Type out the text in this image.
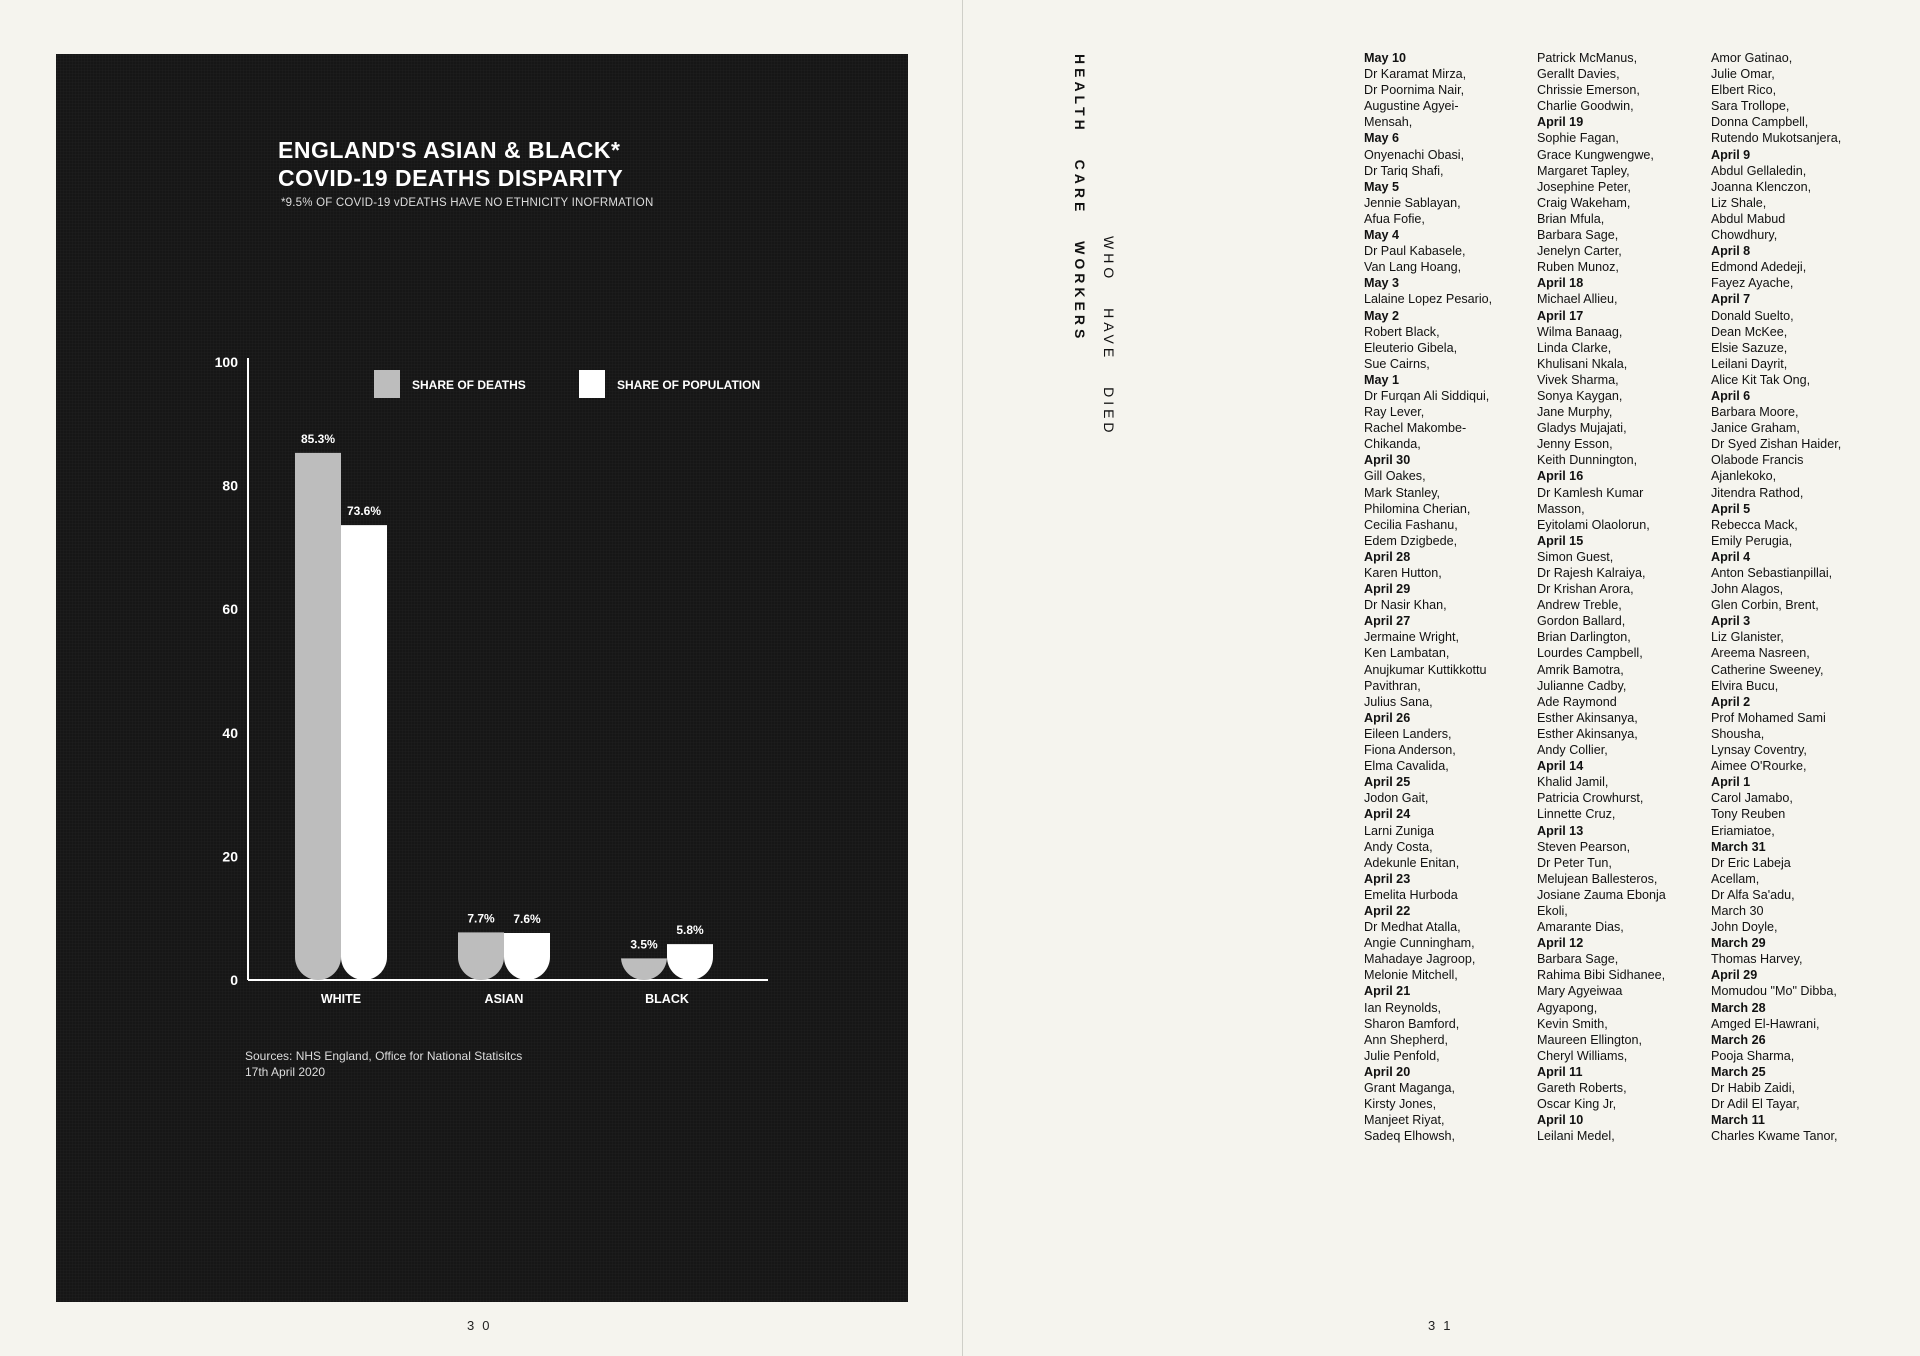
ENGLAND'S ASIAN & BLACK*
COVID-19 DEATHS DISPARITY
*9.5% OF COVID-19 vDEATHS HAVE NO ETHNICITY INOFRMATION
0
20
40
60
80
100
85.3%
73.6%
WHITE
7.7% 7.6%
ASIAN
3.5%
5.8%
BLACK
SHARE OF DEATHS	SHARE OF POPULATION
Sources: NHS England, Office for National Statisitcs
17th April 2020
30	31
HEALTH CARE WORKERS WHO HAVE DIED
May 10
Dr Karamat Mirza,
Dr Poornima Nair,
Augustine Agyei-
Mensah,
May 6
Onyenachi Obasi,
Dr Tariq Shafi,
May 5
Jennie Sablayan,
Afua Fofie,
May 4
Dr Paul Kabasele,
Van Lang Hoang,
May 3
Lalaine Lopez Pesario,
May 2
Robert Black,
Eleuterio Gibela,
Sue Cairns,
May 1
Dr Furqan Ali Siddiqui,
Ray Lever,
Rachel Makombe-
Chikanda,
April 30
Gill Oakes,
Mark Stanley,
Philomina Cherian,
Cecilia Fashanu,
Edem Dzigbede,
April 28
Karen Hutton,
April 29
Dr Nasir Khan,
April 27
Jermaine Wright,
Ken Lambatan,
Anujkumar Kuttikkottu
Pavithran,
Julius Sana,
April 26
Eileen Landers,
Fiona Anderson,
Elma Cavalida,
April 25
Jodon Gait,
April 24
Larni Zuniga
Andy Costa,
Adekunle Enitan,
April 23
Emelita Hurboda
April 22
Dr Medhat Atalla,
Angie Cunningham,
Mahadaye Jagroop,
Melonie Mitchell,
April 21
Ian Reynolds,
Sharon Bamford,
Ann Shepherd,
Julie Penfold,
April 20
Grant Maganga,
Kirsty Jones,
Manjeet Riyat,
Sadeq Elhowsh,
Patrick McManus,
Gerallt Davies,
Chrissie Emerson,
Charlie Goodwin,
April 19
Sophie Fagan,
Grace Kungwengwe,
Margaret Tapley,
Josephine Peter,
Craig Wakeham,
Brian Mfula,
Barbara Sage,
Jenelyn Carter,
Ruben Munoz,
April 18
Michael Allieu,
April 17
Wilma Banaag,
Linda Clarke,
Khulisani Nkala,
Vivek Sharma,
Sonya Kaygan,
Jane Murphy,
Gladys Mujajati,
Jenny Esson,
Keith Dunnington,
April 16
Dr Kamlesh Kumar
Masson,
Eyitolami Olaolorun,
April 15
Simon Guest,
Dr Rajesh Kalraiya,
Dr Krishan Arora,
Andrew Treble,
Gordon Ballard,
Brian Darlington,
Lourdes Campbell,
Amrik Bamotra,
Julianne Cadby,
Ade Raymond
Esther Akinsanya,
Esther Akinsanya,
Andy Collier,
April 14
Khalid Jamil,
Patricia Crowhurst,
Linnette Cruz,
April 13
Steven Pearson,
Dr Peter Tun,
Melujean Ballesteros,
Josiane Zauma Ebonja
Ekoli,
Amarante Dias,
April 12
Barbara Sage,
Rahima Bibi Sidhanee,
Mary Agyeiwaa
Agyapong,
Kevin Smith,
Maureen Ellington,
Cheryl Williams,
April 11
Gareth Roberts,
Oscar King Jr,
April 10
Leilani Medel,
Amor Gatinao,
Julie Omar,
Elbert Rico,
Sara Trollope,
Donna Campbell,
Rutendo Mukotsanjera,
April 9
Abdul Gellaledin,
Joanna Klenczon,
Liz Shale,
Abdul Mabud
Chowdhury,
April 8
Edmond Adedeji,
Fayez Ayache,
April 7
Donald Suelto,
Dean McKee,
Elsie Sazuze,
Leilani Dayrit,
Alice Kit Tak Ong,
April 6
Barbara Moore,
Janice Graham,
Dr Syed Zishan Haider,
Olabode Francis
Ajanlekoko,
Jitendra Rathod,
April 5
Rebecca Mack,
Emily Perugia,
April 4
Anton Sebastianpillai,
John Alagos,
Glen Corbin, Brent,
April 3
Liz Glanister,
Areema Nasreen,
Catherine Sweeney,
Elvira Bucu,
April 2
Prof Mohamed Sami
Shousha,
Lynsay Coventry,
Aimee O'Rourke,
April 1
Carol Jamabo,
Tony Reuben
Eriamiatoe,
March 31
Dr Eric Labeja
Acellam,
Dr Alfa Sa'adu,
March 30
John Doyle,
March 29
Thomas Harvey,
April 29
Momudou "Mo" Dibba,
March 28
Amged El-Hawrani,
March 26
Pooja Sharma,
March 25
Dr Habib Zaidi,
Dr Adil El Tayar,
March 11
Charles Kwame Tanor,
